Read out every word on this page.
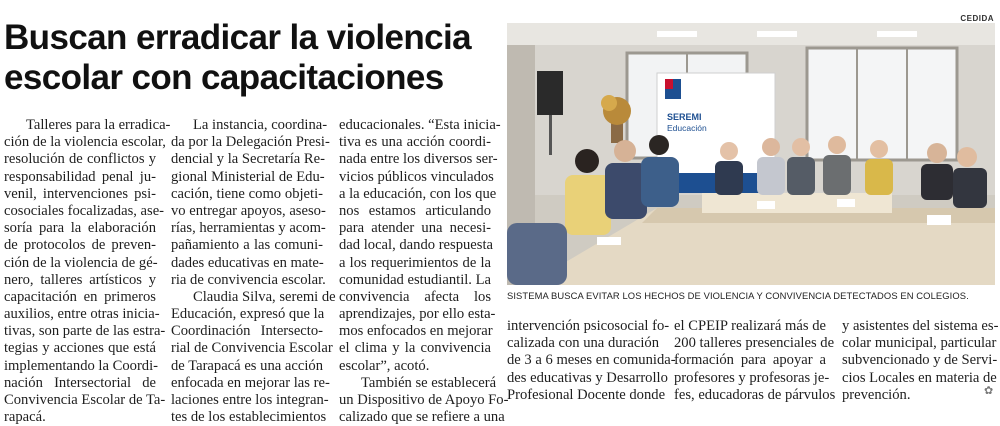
Buscan erradicar la violencia
escolar con capacitaciones
CEDIDA
SEREMI
Educación
SISTEMA BUSCA EVITAR LOS HECHOS DE VIOLENCIA Y CONVIVENCIA DETECTADOS EN COLEGIOS.
Talleres para la erradica-
ción de la violencia escolar,
resolución de conflictos y
responsabilidad penal ju-
venil, intervenciones psi-
cosociales focalizadas, ase-
soría para la elaboración
de protocolos de preven-
ción de la violencia de gé-
nero, talleres artísticos y
capacitación en primeros
auxilios, entre otras inicia-
tivas, son parte de las estra-
tegias y acciones que está
implementando la Coordi-
nación Intersectorial de
Convivencia Escolar de Ta-
rapacá.
La instancia, coordina-
da por la Delegación Presi-
dencial y la Secretaría Re-
gional Ministerial de Edu-
cación, tiene como objeti-
vo entregar apoyos, aseso-
rías, herramientas y acom-
pañamiento a las comuni-
dades educativas en mate-
ria de convivencia escolar.
Claudia Silva, seremi de
Educación, expresó que la
Coordinación Intersecto-
rial de Convivencia Escolar
de Tarapacá es una acción
enfocada en mejorar las re-
laciones entre los integran-
tes de los establecimientos
educacionales. “Esta inicia-
tiva es una acción coordi-
nada entre los diversos ser-
vicios públicos vinculados
a la educación, con los que
nos estamos articulando
para atender una necesi-
dad local, dando respuesta
a los requerimientos de la
comunidad estudiantil. La
convivencia afecta los
aprendizajes, por ello esta-
mos enfocados en mejorar
el clima y la convivencia
escolar”, acotó.
También se establecerá
un Dispositivo de Apoyo Fo-
calizado que se refiere a una
intervención psicosocial fo-
calizada con una duración
de 3 a 6 meses en comunida-
des educativas y Desarrollo
Profesional Docente donde
el CPEIP realizará más de
200 talleres presenciales de
formación para apoyar a
profesores y profesoras je-
fes, educadoras de párvulos
y asistentes del sistema es-
colar municipal, particular
subvencionado y de Servi-
cios Locales en materia de
prevención.	✿
